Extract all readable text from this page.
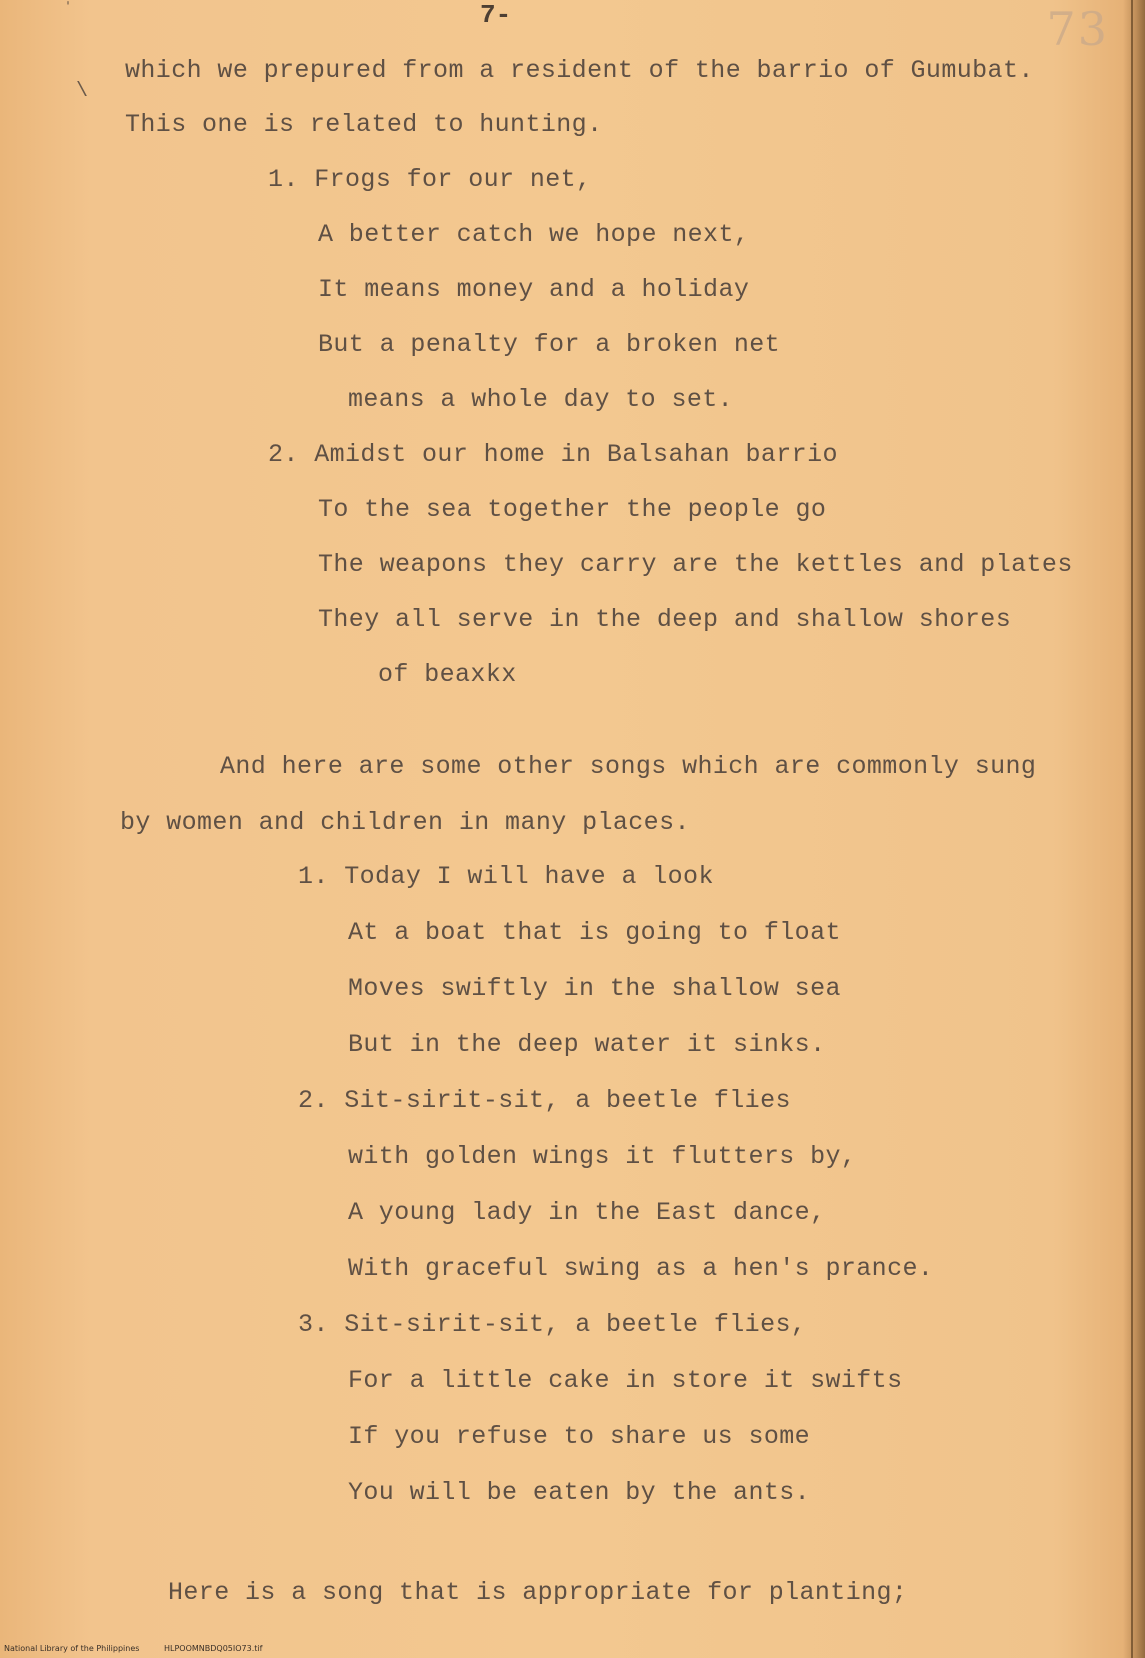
7-	73
ˈ
\
which we prepured from a resident of the barrio of Gumubat.
This one is related to hunting.
1. Frogs for our net,
A better catch we hope next,
It means money and a holiday
But a penalty for a broken net
means a whole day to set.
2. Amidst our home in Balsahan barrio
To the sea together the people go
The weapons they carry are the kettles and plates
They all serve in the deep and shallow shores
of beaxkx
And here are some other songs which are commonly sung
by women and children in many places.
1. Today I will have a look
At a boat that is going to float
Moves swiftly in the shallow sea
But in the deep water it sinks.
2. Sit-sirit-sit, a beetle flies
with golden wings it flutters by,
A young lady in the East dance,
With graceful swing as a hen's prance.
3. Sit-sirit-sit, a beetle flies,
For a little cake in store it swifts
If you refuse to share us some
You will be eaten by the ants.
Here is a song that is appropriate for planting;
National Library of the Philippines	HLPOOMNBDQ05IO73.tif
